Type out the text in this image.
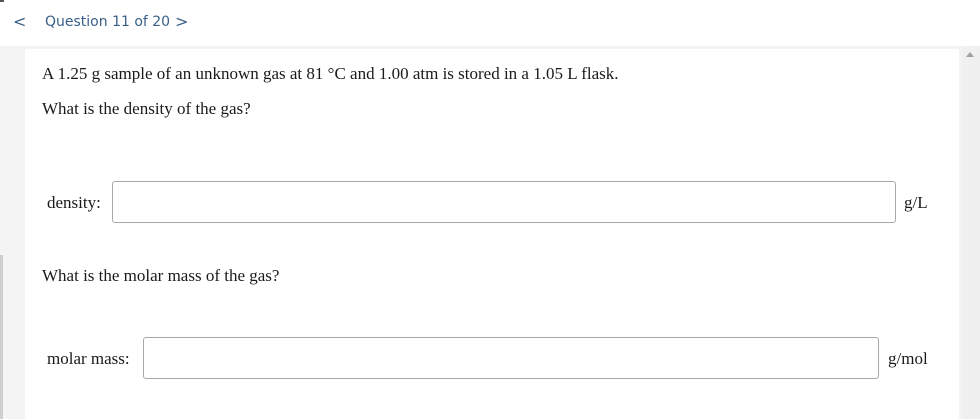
< Question 11 of 20 >
A 1.25 g sample of an unknown gas at 81 °C and 1.00 atm is stored in a 1.05 L flask.
What is the density of the gas?
density:	g/L
What is the molar mass of the gas?
molar mass:	g/mol
